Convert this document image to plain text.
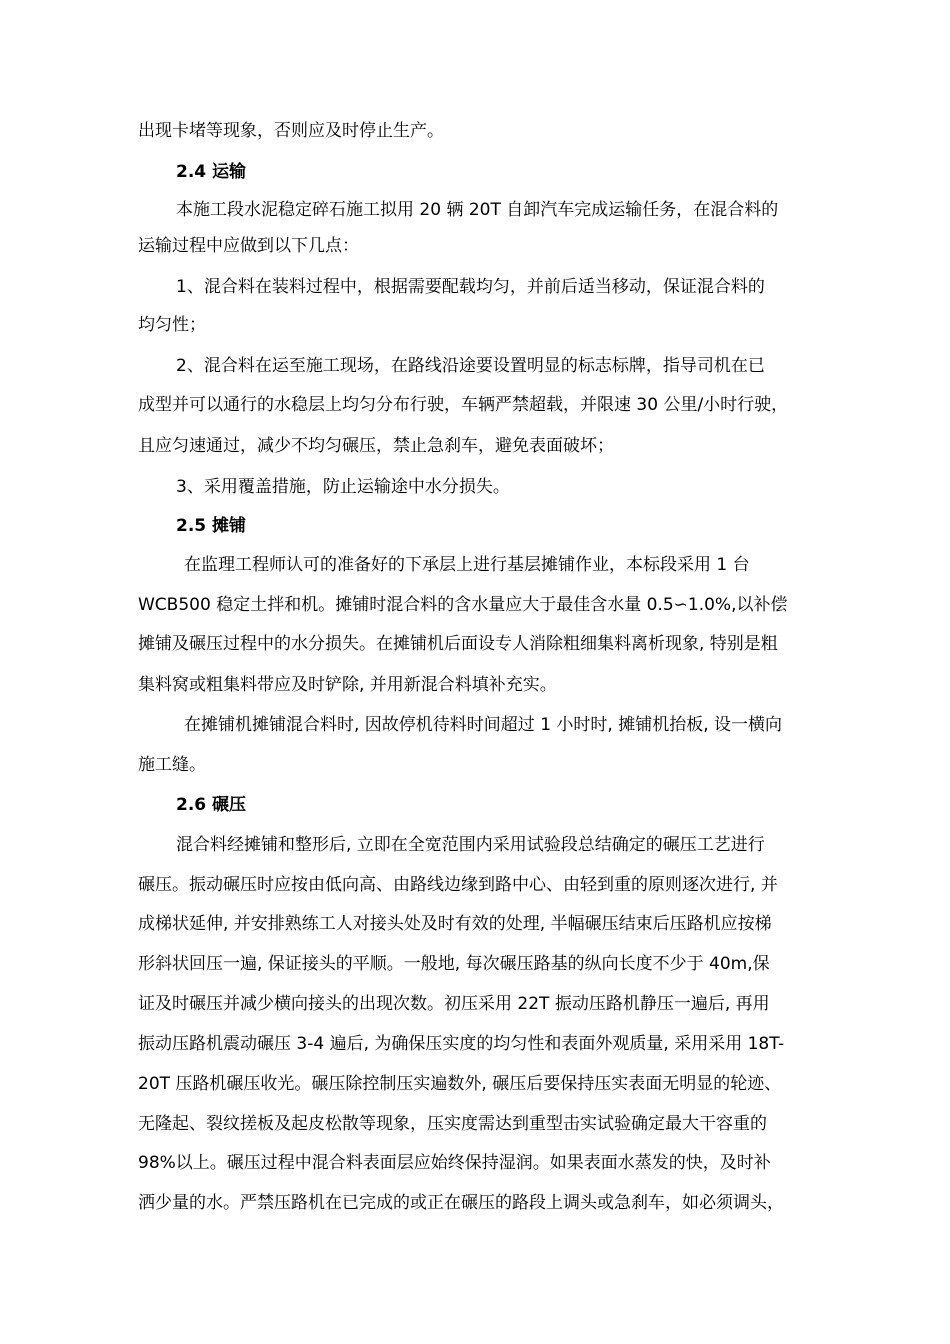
出现卡堵等现象，否则应及时停止生产。
2.4 运输
本施工段水泥稳定碎石施工拟用 20 辆 20T 自卸汽车完成运输任务，在混合料的
运输过程中应做到以下几点：
1、混合料在装料过程中，根据需要配载均匀，并前后适当移动，保证混合料的
均匀性；
2、混合料在运至施工现场，在路线沿途要设置明显的标志标牌，指导司机在已
成型并可以通行的水稳层上均匀分布行驶，车辆严禁超载，并限速 30 公里/小时行驶，
且应匀速通过，减少不均匀碾压，禁止急刹车，避免表面破坏；
3、采用覆盖措施，防止运输途中水分损失。
2.5 摊铺
在监理工程师认可的准备好的下承层上进行基层摊铺作业，本标段采用 1 台
WCB500 稳定土拌和机。摊铺时混合料的含水量应大于最佳含水量 0.5∽1.0%,以补偿
摊铺及碾压过程中的水分损失。在摊铺机后面设专人消除粗细集料离析现象, 特别是粗
集料窝或粗集料带应及时铲除, 并用新混合料填补充实。
在摊铺机摊铺混合料时, 因故停机待料时间超过 1 小时时, 摊铺机抬板, 设一横向
施工缝。
2.6 碾压
混合料经摊铺和整形后, 立即在全宽范围内采用试验段总结确定的碾压工艺进行
碾压。振动碾压时应按由低向高、由路线边缘到路中心、由轻到重的原则逐次进行, 并
成梯状延伸, 并安排熟练工人对接头处及时有效的处理, 半幅碾压结束后压路机应按梯
形斜状回压一遍, 保证接头的平顺。一般地, 每次碾压路基的纵向长度不少于 40m,保
证及时碾压并减少横向接头的出现次数。初压采用 22T 振动压路机静压一遍后, 再用
振动压路机震动碾压 3-4 遍后, 为确保压实度的均匀性和表面外观质量, 采用采用 18T-
20T 压路机碾压收光。碾压除控制压实遍数外, 碾压后要保持压实表面无明显的轮迹、
无隆起、裂纹搓板及起皮松散等现象，压实度需达到重型击实试验确定最大干容重的
98%以上。碾压过程中混合料表面层应始终保持湿润。如果表面水蒸发的快，及时补
洒少量的水。严禁压路机在已完成的或正在碾压的路段上调头或急刹车，如必须调头，
